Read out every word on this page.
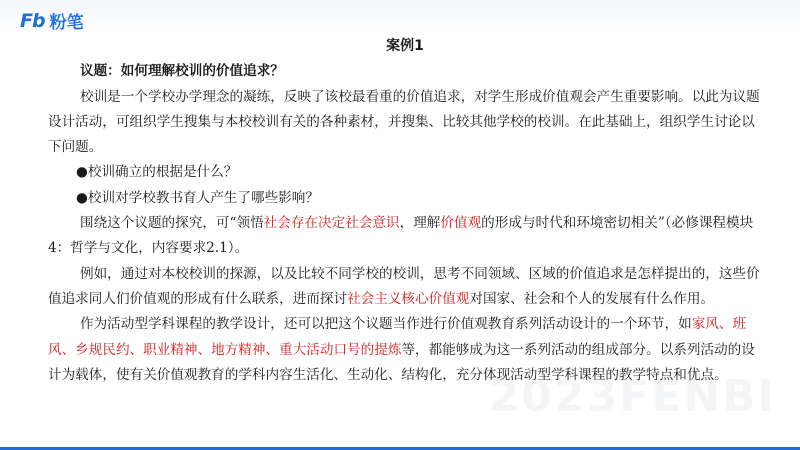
Fb 粉笔
2023FENBI
案例1
议题：如何理解校训的价值追求？
校训是一个学校办学理念的凝练，反映了该校最看重的价值追求，对学生形成价值观会产生重要影响。以此为议题设计活动，可组织学生搜集与本校校训有关的各种素材，并搜集、比较其他学校的校训。在此基础上，组织学生讨论以下问题。
●校训确立的根据是什么？
●校训对学校教书育人产生了哪些影响？
围绕这个议题的探究，可“领悟社会存在决定社会意识，理解价值观的形成与时代和环境密切相关”（必修课程模块4：哲学与文化，内容要求2.1）。
例如，通过对本校校训的探源，以及比较不同学校的校训，思考不同领域、区域的价值追求是怎样提出的，这些价值追求同人们价值观的形成有什么联系，进而探讨社会主义核心价值观对国家、社会和个人的发展有什么作用。
作为活动型学科课程的教学设计，还可以把这个议题当作进行价值观教育系列活动设计的一个环节，如家风、班风、乡规民约、职业精神、地方精神、重大活动口号的提炼等，都能够成为这一系列活动的组成部分。以系列活动的设计为载体，使有关价值观教育的学科内容生活化、生动化、结构化，充分体现活动型学科课程的教学特点和优点。
